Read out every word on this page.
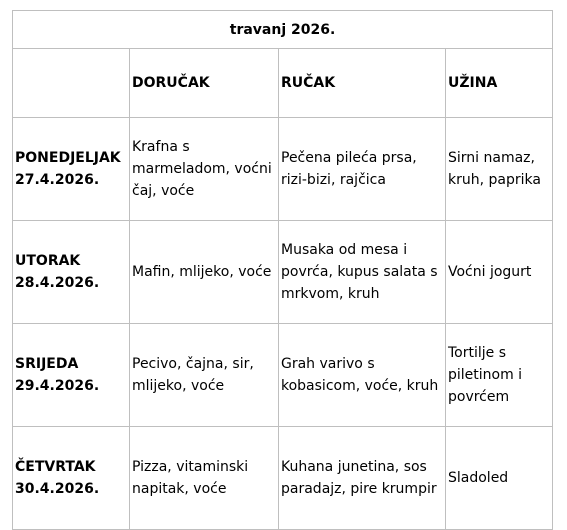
travanj 2026.			
	DORUČAK	RUČAK	UŽINA

PONEDJELJAK
27.4.2026.	Krafna s marmeladom, voćni čaj, voće	Pečena pileća prsa, rizi-bizi, rajčica	Sirni namaz, kruh, paprika

UTORAK
28.4.2026.	Mafin, mlijeko, voće	Musaka od mesa i povrća, kupus salata s mrkvom, kruh	Voćni jogurt

SRIJEDA
29.4.2026.	Pecivo, čajna, sir, mlijeko, voće	Grah varivo s kobasicom, voće, kruh	Tortilje s piletinom i povrćem

ČETVRTAK
30.4.2026.	Pizza, vitaminski napitak, voće	Kuhana junetina, sos paradajz, pire krumpir	Sladoled
